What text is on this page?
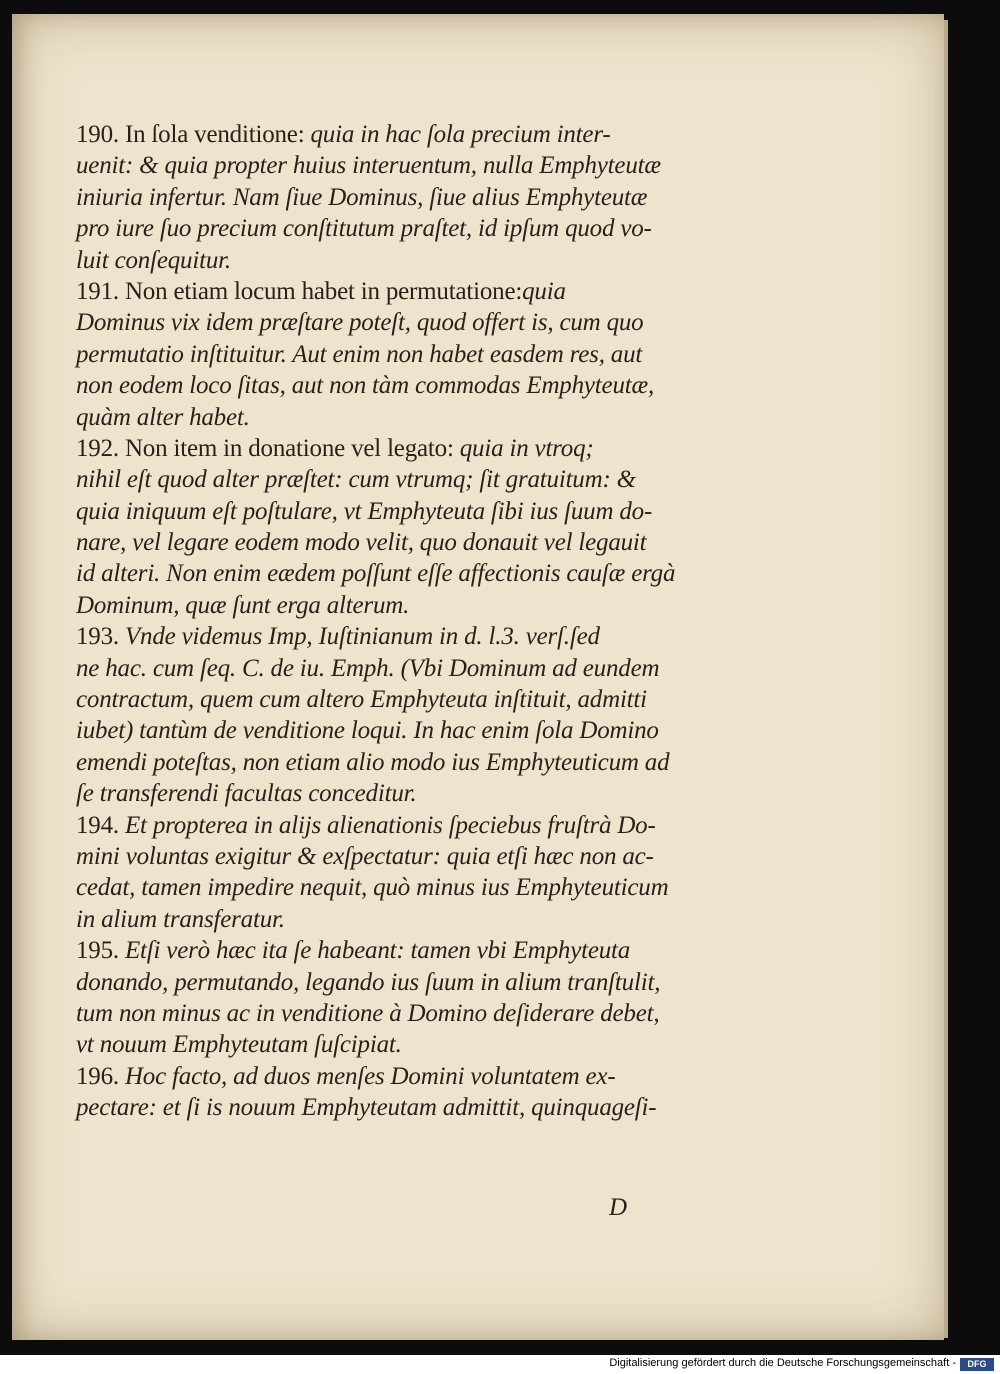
190. In ſola venditione: quia in hac ſola precium inter-
uenit: & quia propter huius interuentum, nulla Emphyteutæ
iniuria infertur. Nam ſiue Dominus, ſiue alius Emphyteutæ
pro iure ſuo precium conſtitutum praſtet, id ipſum quod vo-
luit conſequitur.
191. Non etiam locum habet in permutatione:quia
Dominus vix idem præſtare poteſt, quod offert is, cum quo
permutatio inſtituitur. Aut enim non habet easdem res, aut
non eodem loco ſitas, aut non tàm commodas Emphyteutæ,
quàm alter habet.
192. Non item in donatione vel legato: quia in vtroq;
nihil eſt quod alter præſtet: cum vtrumq; ſit gratuitum: &
quia iniquum eſt poſtulare, vt Emphyteuta ſibi ius ſuum do-
nare, vel legare eodem modo velit, quo donauit vel legauit
id alteri. Non enim eædem poſſunt eſſe affectionis cauſæ ergà
Dominum, quæ ſunt erga alterum.
193. Vnde videmus Imp, Iuſtinianum in d. l.3. verſ.ſed
ne hac. cum ſeq. C. de iu. Emph. (Vbi Dominum ad eundem
contractum, quem cum altero Emphyteuta inſtituit, admitti
iubet) tantùm de venditione loqui. In hac enim ſola Domino
emendi poteſtas, non etiam alio modo ius Emphyteuticum ad
ſe transferendi facultas conceditur.
194. Et propterea in alijs alienationis ſpeciebus fruſtrà Do-
mini voluntas exigitur & exſpectatur: quia etſi hæc non ac-
cedat, tamen impedire nequit, quò minus ius Emphyteuticum
in alium transferatur.
195. Etſi verò hæc ita ſe habeant: tamen vbi Emphyteuta
donando, permutando, legando ius ſuum in alium tranſtulit,
tum non minus ac in venditione à Domino deſiderare debet,
vt nouum Emphyteutam ſuſcipiat.
196. Hoc facto, ad duos menſes Domini voluntatem ex-
pectare: et ſi is nouum Emphyteutam admittit, quinquageſi-
D
Digitalisierung gefördert durch die Deutsche Forschungsgemeinschaft -	DFG
